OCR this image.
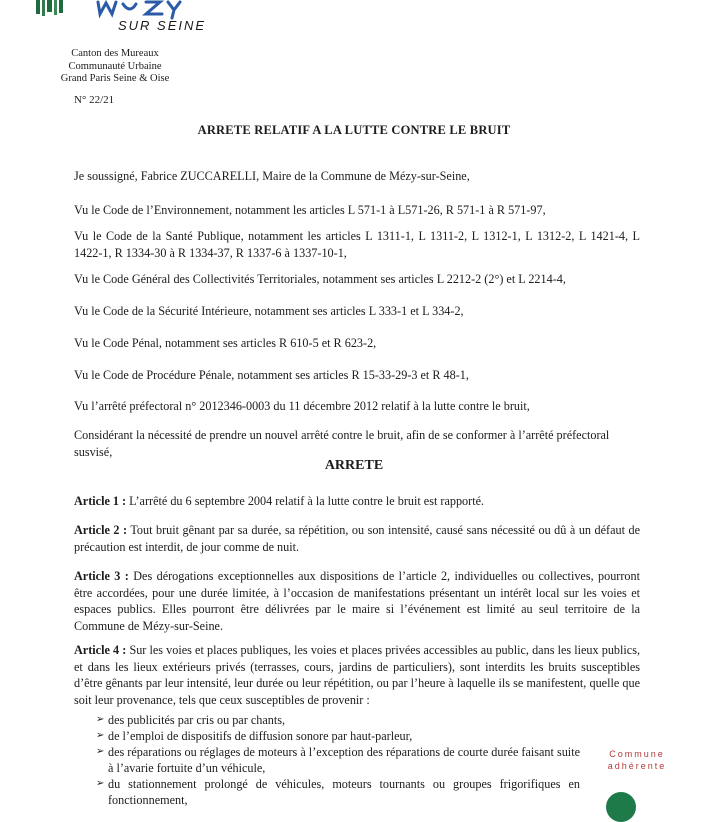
SUR SEINE
Canton des Mureaux
Communauté Urbaine
Grand Paris Seine & Oise
N° 22/21
ARRETE RELATIF A LA LUTTE CONTRE LE BRUIT
Je soussigné, Fabrice ZUCCARELLI, Maire de la Commune de Mézy-sur-Seine,
Vu le Code de l’Environnement, notamment les articles L 571-1 à L571-26, R 571-1 à R 571-97,
Vu le Code de la Santé Publique, notamment les articles L 1311-1, L 1311-2, L 1312-1, L 1312-2, L 1421-4, L 1422-1, R 1334-30 à R 1334-37, R 1337-6 à 1337-10-1,
Vu le Code Général des Collectivités Territoriales, notamment ses articles L 2212-2 (2°) et L 2214-4,
Vu le Code de la Sécurité Intérieure, notamment ses articles L 333-1 et L 334-2,
Vu le Code Pénal, notamment ses articles R 610-5 et R 623-2,
Vu le Code de Procédure Pénale, notamment ses articles R 15-33-29-3 et R 48-1,
Vu l’arrêté préfectoral n° 2012346-0003 du 11 décembre 2012 relatif à la lutte contre le bruit,
Considérant la nécessité de prendre un nouvel arrêté contre le bruit, afin de se conformer à l’arrêté préfectoral susvisé,
ARRETE
Article 1 : L’arrêté du 6 septembre 2004 relatif à la lutte contre le bruit est rapporté.
Article 2 : Tout bruit gênant par sa durée, sa répétition, ou son intensité, causé sans nécessité ou dû à un défaut de précaution est interdit, de jour comme de nuit.
Article 3 : Des dérogations exceptionnelles aux dispositions de l’article 2, individuelles ou collectives, pourront être accordées, pour une durée limitée, à l’occasion de manifestations présentant un intérêt local sur les voies et espaces publics. Elles pourront être délivrées par le maire si l’événement est limité au seul territoire de la Commune de Mézy-sur-Seine.
Article 4 : Sur les voies et places publiques, les voies et places privées accessibles au public, dans les lieux publics, et dans les lieux extérieurs privés (terrasses, cours, jardins de particuliers), sont interdits les bruits susceptibles d’être gênants par leur intensité, leur durée ou leur répétition, ou par l’heure à laquelle ils se manifestent, quelle que soit leur provenance, tels que ceux susceptibles de provenir :
➢ des publicités par cris ou par chants,
➢ de l’emploi de dispositifs de diffusion sonore par haut-parleur,
➢ des réparations ou réglages de moteurs à l’exception des réparations de courte durée faisant suite à l’avarie fortuite d’un véhicule,
➢ du stationnement prolongé de véhicules, moteurs tournants ou groupes frigorifiques en fonctionnement,
Commune
adhérente
